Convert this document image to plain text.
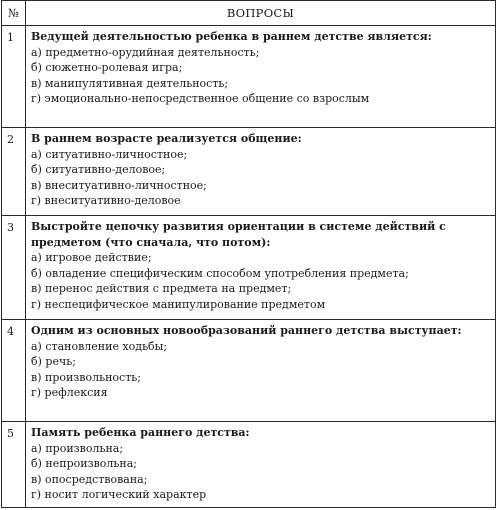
№	ВОПРОСЫ
1	Ведущей деятельностью ребенка в раннем детстве является:
а) предметно-орудийная деятельность;
б) сюжетно-ролевая игра;
в) манипулятивная деятельность;
г) эмоционально-непосредственное общение со взрослым

2	В раннем возрасте реализуется общение:
а) ситуативно-личностное;
б) ситуативно-деловое;
в) внеситуативно-личностное;
г) внеситуативно-деловое

3	Выстройте цепочку развития ориентации в системе действий с предметом (что сначала, что потом):
а) игровое действие;
б) овладение специфическим способом употребления предмета;
в) перенос действия с предмета на предмет;
г) неспецифическое манипулирование предметом

4	Одним из основных новообразований раннего детства выступает:
а) становление ходьбы;
б) речь;
в) произвольность;
г) рефлексия

5	Память ребенка раннего детства:
а) произвольна;
б) непроизвольна;
в) опосредствована;
г) носит логический характер
